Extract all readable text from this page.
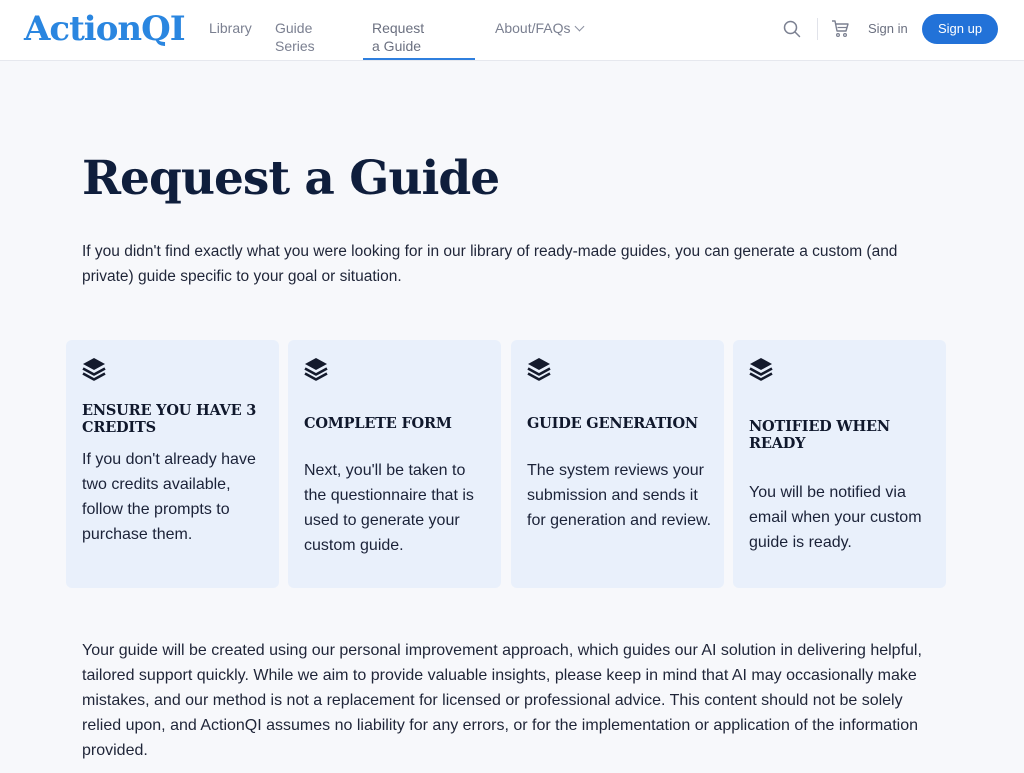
ActionQI Library Guide Series
Request a Guide
About/FAQs	Sign in	Sign up
Request a Guide

If you didn't find exactly what you were looking for in our library of ready-made guides, you can generate a custom (and private) guide specific to your goal or situation.

ENSURE YOU HAVE 3 CREDITS
If you don't already have two credits available, follow the prompts to purchase them.
COMPLETE FORM
Next, you'll be taken to the questionnaire that is used to generate your custom guide.
GUIDE GENERATION
The system reviews your submission and sends it for generation and review.
NOTIFIED WHEN READY
You will be notified via email when your custom guide is ready.

Your guide will be created using our personal improvement approach, which guides our AI solution in delivering helpful, tailored support quickly. While we aim to provide valuable insights, please keep in mind that AI may occasionally make mistakes, and our method is not a replacement for licensed or professional advice. This content should not be solely relied upon, and ActionQI assumes no liability for any errors, or for the implementation or application of the information provided.
